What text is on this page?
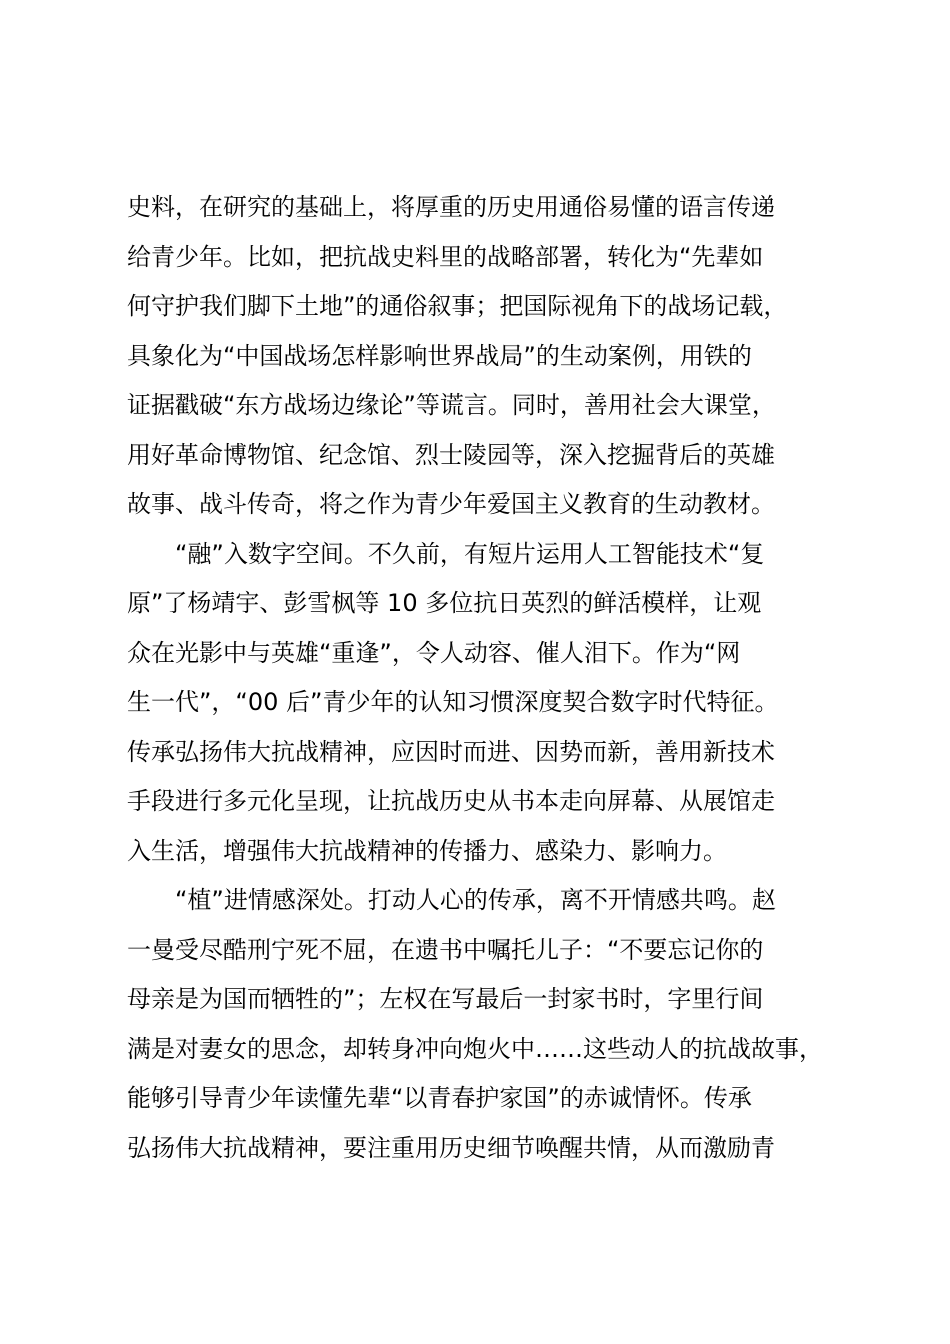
史料，在研究的基础上，将厚重的历史用通俗易懂的语言传递
给青少年。比如，把抗战史料里的战略部署，转化为“先辈如
何守护我们脚下土地”的通俗叙事；把国际视角下的战场记载，
具象化为“中国战场怎样影响世界战局”的生动案例，用铁的
证据戳破“东方战场边缘论”等谎言。同时，善用社会大课堂，
用好革命博物馆、纪念馆、烈士陵园等，深入挖掘背后的英雄
故事、战斗传奇，将之作为青少年爱国主义教育的生动教材。
“融”入数字空间。不久前，有短片运用人工智能技术“复
原”了杨靖宇、彭雪枫等 10 多位抗日英烈的鲜活模样，让观
众在光影中与英雄“重逢”，令人动容、催人泪下。作为“网
生一代”，“00 后”青少年的认知习惯深度契合数字时代特征。
传承弘扬伟大抗战精神，应因时而进、因势而新，善用新技术
手段进行多元化呈现，让抗战历史从书本走向屏幕、从展馆走
入生活，增强伟大抗战精神的传播力、感染力、影响力。
“植”进情感深处。打动人心的传承，离不开情感共鸣。赵
一曼受尽酷刑宁死不屈，在遗书中嘱托儿子：“不要忘记你的
母亲是为国而牺牲的”；左权在写最后一封家书时，字里行间
满是对妻女的思念，却转身冲向炮火中……这些动人的抗战故事，
能够引导青少年读懂先辈“以青春护家国”的赤诚情怀。传承
弘扬伟大抗战精神，要注重用历史细节唤醒共情，从而激励青
